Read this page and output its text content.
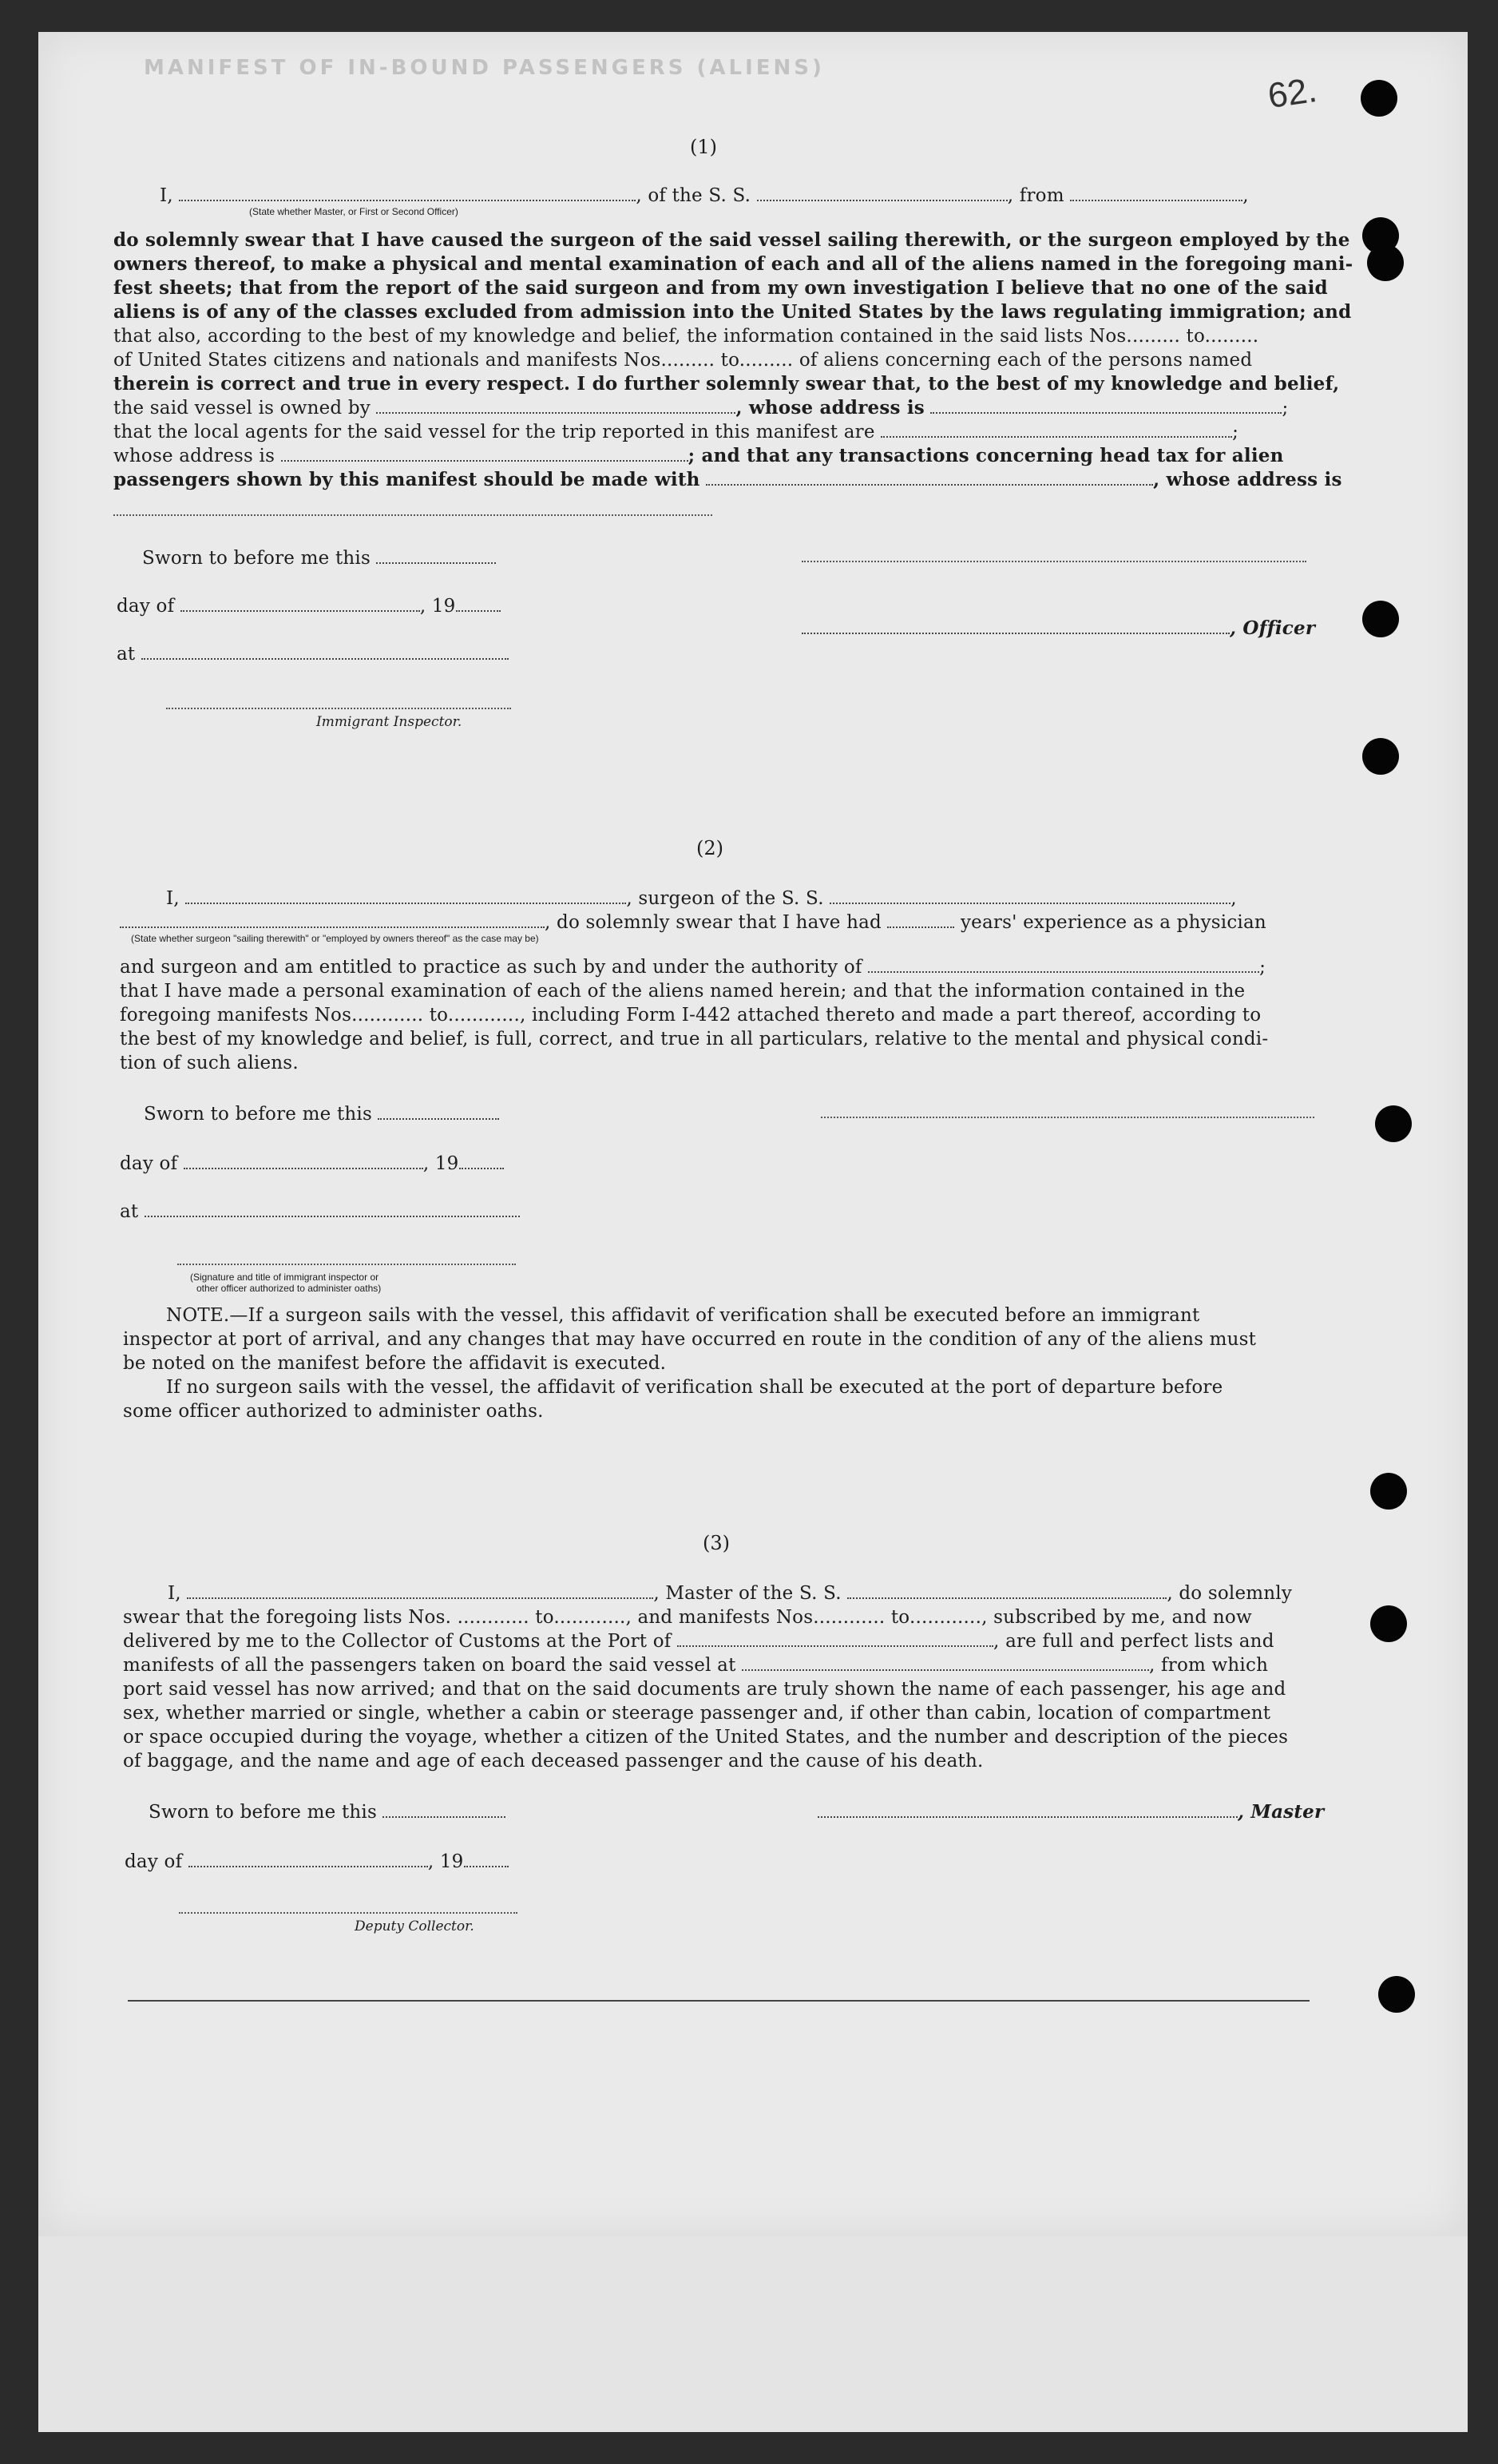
MANIFEST OF IN-BOUND PASSENGERS (ALIENS)
62.
(1)
I,	, of the S. S.	, from	,
(State whether Master, or First or Second Officer)
do solemnly swear that I have caused the surgeon of the said vessel sailing therewith, or the surgeon employed by the
owners thereof, to make a physical and mental examination of each and all of the aliens named in the foregoing mani-
fest sheets; that from the report of the said surgeon and from my own investigation I believe that no one of the said
aliens is of any of the classes excluded from admission into the United States by the laws regulating immigration; and
that also, according to the best of my knowledge and belief, the information contained in the said lists Nos......... to.........
of United States citizens and nationals and manifests Nos......... to......... of aliens concerning each of the persons named
therein is correct and true in every respect. I do further solemnly swear that, to the best of my knowledge and belief,
the said vessel is owned by	, whose address is	;
that the local agents for the said vessel for the trip reported in this manifest are	;
whose address is	; and that any transactions concerning head tax for alien
passengers shown by this manifest should be made with	, whose address is
Sworn to before me this
day of	, 19
, Officer
at
Immigrant Inspector.
(2)
I,	, surgeon of the S. S.	,
, do solemnly swear that I have had	years' experience as a physician
(State whether surgeon "sailing therewith" or "employed by owners thereof" as the case may be)
and surgeon and am entitled to practice as such by and under the authority of	;
that I have made a personal examination of each of the aliens named herein; and that the information contained in the
foregoing manifests Nos............ to............, including Form I-442 attached thereto and made a part thereof, according to
the best of my knowledge and belief, is full, correct, and true in all particulars, relative to the mental and physical condi-
tion of such aliens.
Sworn to before me this
day of	, 19
at
(Signature and title of immigrant inspector or
other officer authorized to administer oaths)
NOTE.—If a surgeon sails with the vessel, this affidavit of verification shall be executed before an immigrant
inspector at port of arrival, and any changes that may have occurred en route in the condition of any of the aliens must
be noted on the manifest before the affidavit is executed.
If no surgeon sails with the vessel, the affidavit of verification shall be executed at the port of departure before
some officer authorized to administer oaths.
(3)
I,	, Master of the S. S.	, do solemnly
swear that the foregoing lists Nos. ............ to............, and manifests Nos............ to............, subscribed by me, and now
delivered by me to the Collector of Customs at the Port of	, are full and perfect lists and
manifests of all the passengers taken on board the said vessel at	, from which
port said vessel has now arrived; and that on the said documents are truly shown the name of each passenger, his age and
sex, whether married or single, whether a cabin or steerage passenger and, if other than cabin, location of compartment
or space occupied during the voyage, whether a citizen of the United States, and the number and description of the pieces
of baggage, and the name and age of each deceased passenger and the cause of his death.
Sworn to before me this	, Master
day of	, 19
Deputy Collector.
